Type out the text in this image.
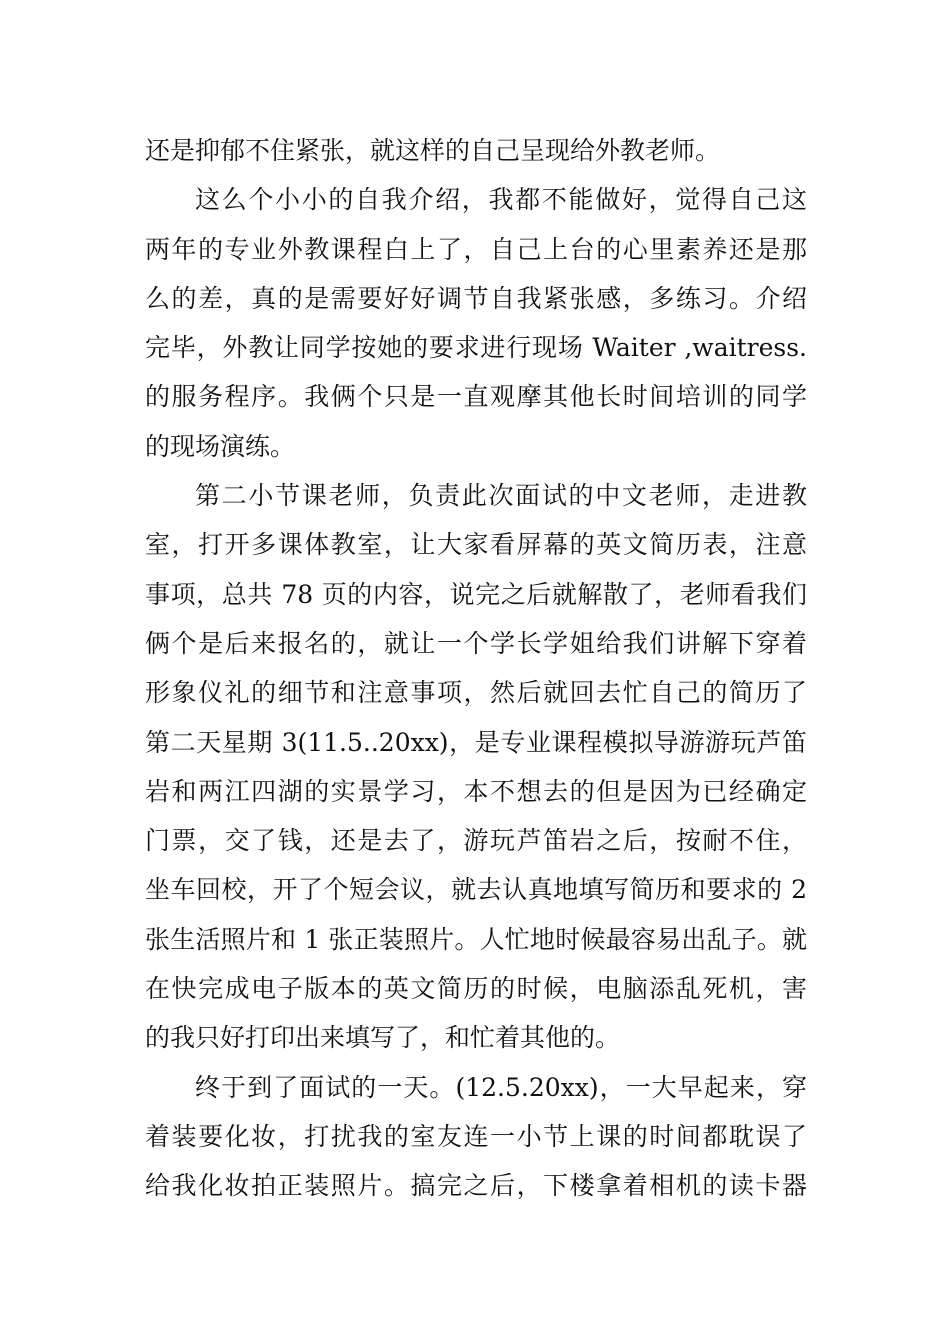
还是抑郁不住紧张，就这样的自己呈现给外教老师。
这么个小小的自我介绍，我都不能做好，觉得自己这
两年的专业外教课程白上了，自己上台的心里素养还是那
么的差，真的是需要好好调节自我紧张感，多练习。介绍
完毕，外教让同学按她的要求进行现场 Waiter ,waitress.
的服务程序。我俩个只是一直观摩其他长时间培训的同学
的现场演练。
第二小节课老师，负责此次面试的中文老师，走进教
室，打开多课体教室，让大家看屏幕的英文简历表，注意
事项，总共 78 页的内容，说完之后就解散了，老师看我们
俩个是后来报名的，就让一个学长学姐给我们讲解下穿着
形象仪礼的细节和注意事项，然后就回去忙自己的简历了
第二天星期 3(11.5..20xx)，是专业课程模拟导游游玩芦笛
岩和两江四湖的实景学习，本不想去的但是因为已经确定
门票，交了钱，还是去了，游玩芦笛岩之后，按耐不住，
坐车回校，开了个短会议，就去认真地填写简历和要求的 2
张生活照片和 1 张正装照片。人忙地时候最容易出乱子。就
在快完成电子版本的英文简历的时候，电脑添乱死机，害
的我只好打印出来填写了，和忙着其他的。
终于到了面试的一天。(12.5.20xx)，一大早起来，穿
着装要化妆，打扰我的室友连一小节上课的时间都耽误了
给我化妆拍正装照片。搞完之后，下楼拿着相机的读卡器
